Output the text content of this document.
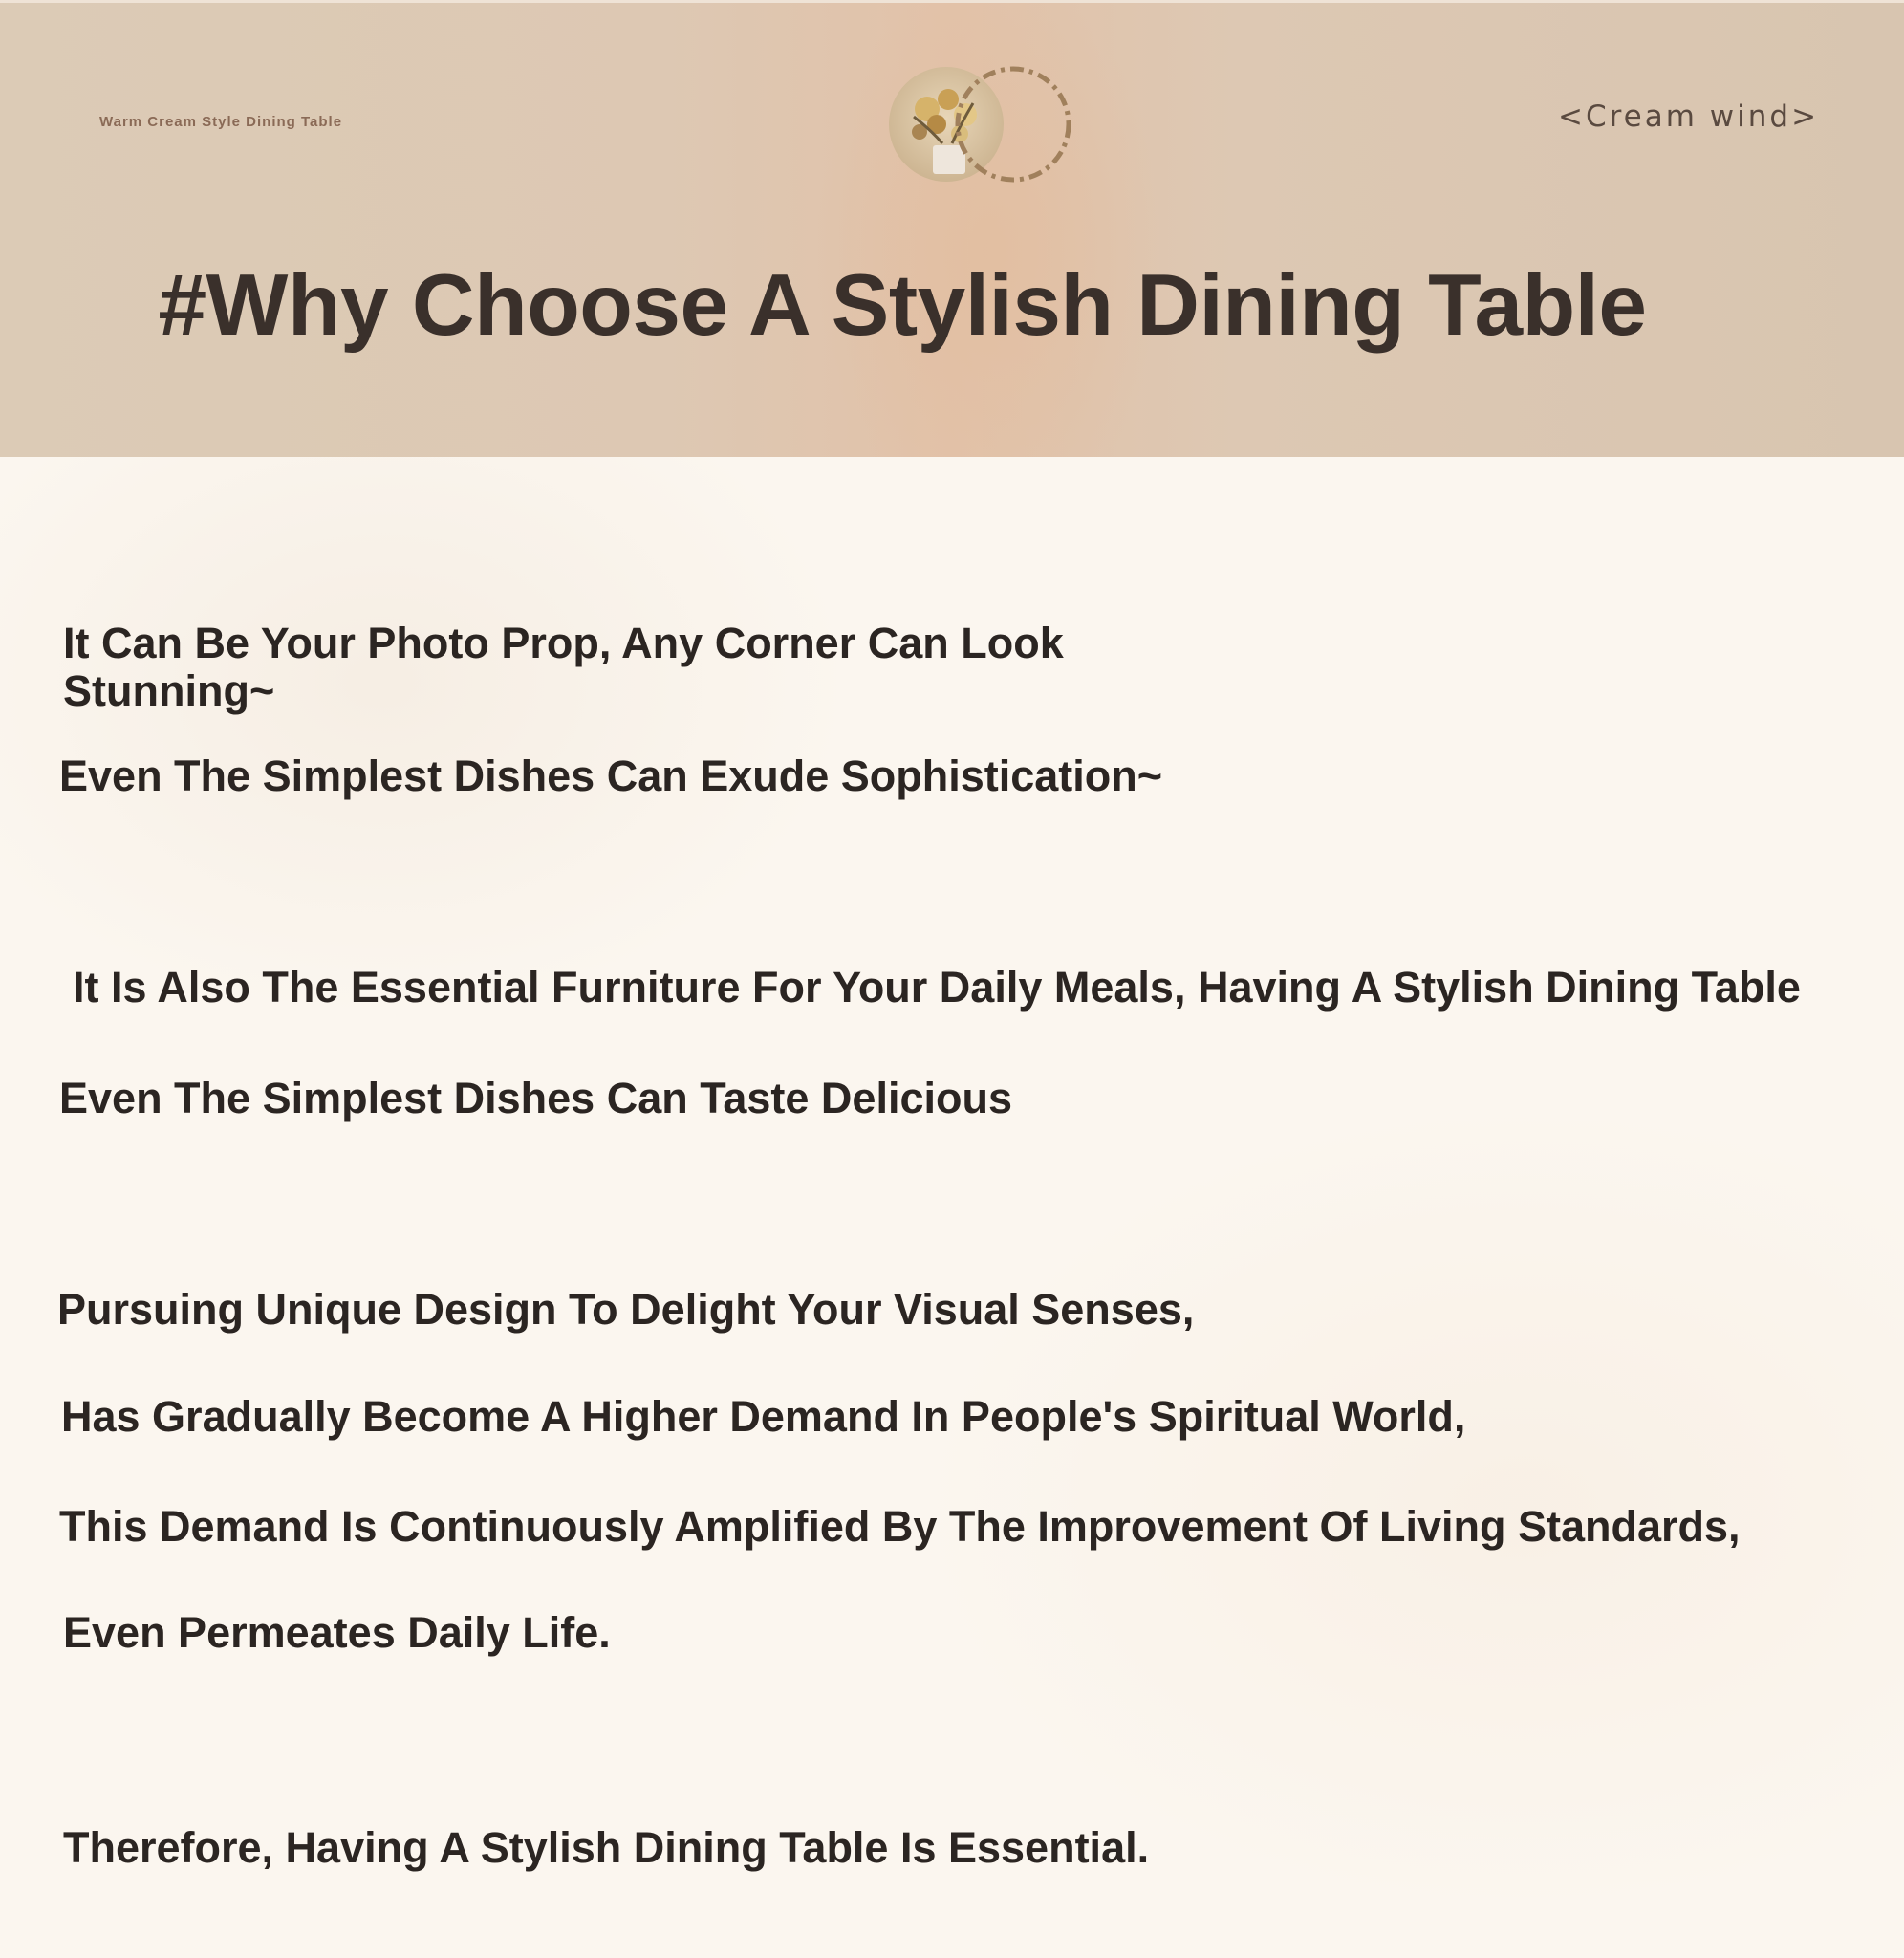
Warm Cream Style Dining Table	<Cream wind>
#Why Choose A Stylish Dining Table
It Can Be Your Photo Prop, Any Corner Can Look Stunning~
Even The Simplest Dishes Can Exude Sophistication~
It Is Also The Essential Furniture For Your Daily Meals, Having A Stylish Dining Table
Even The Simplest Dishes Can Taste Delicious
Pursuing Unique Design To Delight Your Visual Senses,
Has Gradually Become A Higher Demand In People's Spiritual World,
This Demand Is Continuously Amplified By The Improvement Of Living Standards,
Even Permeates Daily Life.
Therefore, Having A Stylish Dining Table Is Essential.
